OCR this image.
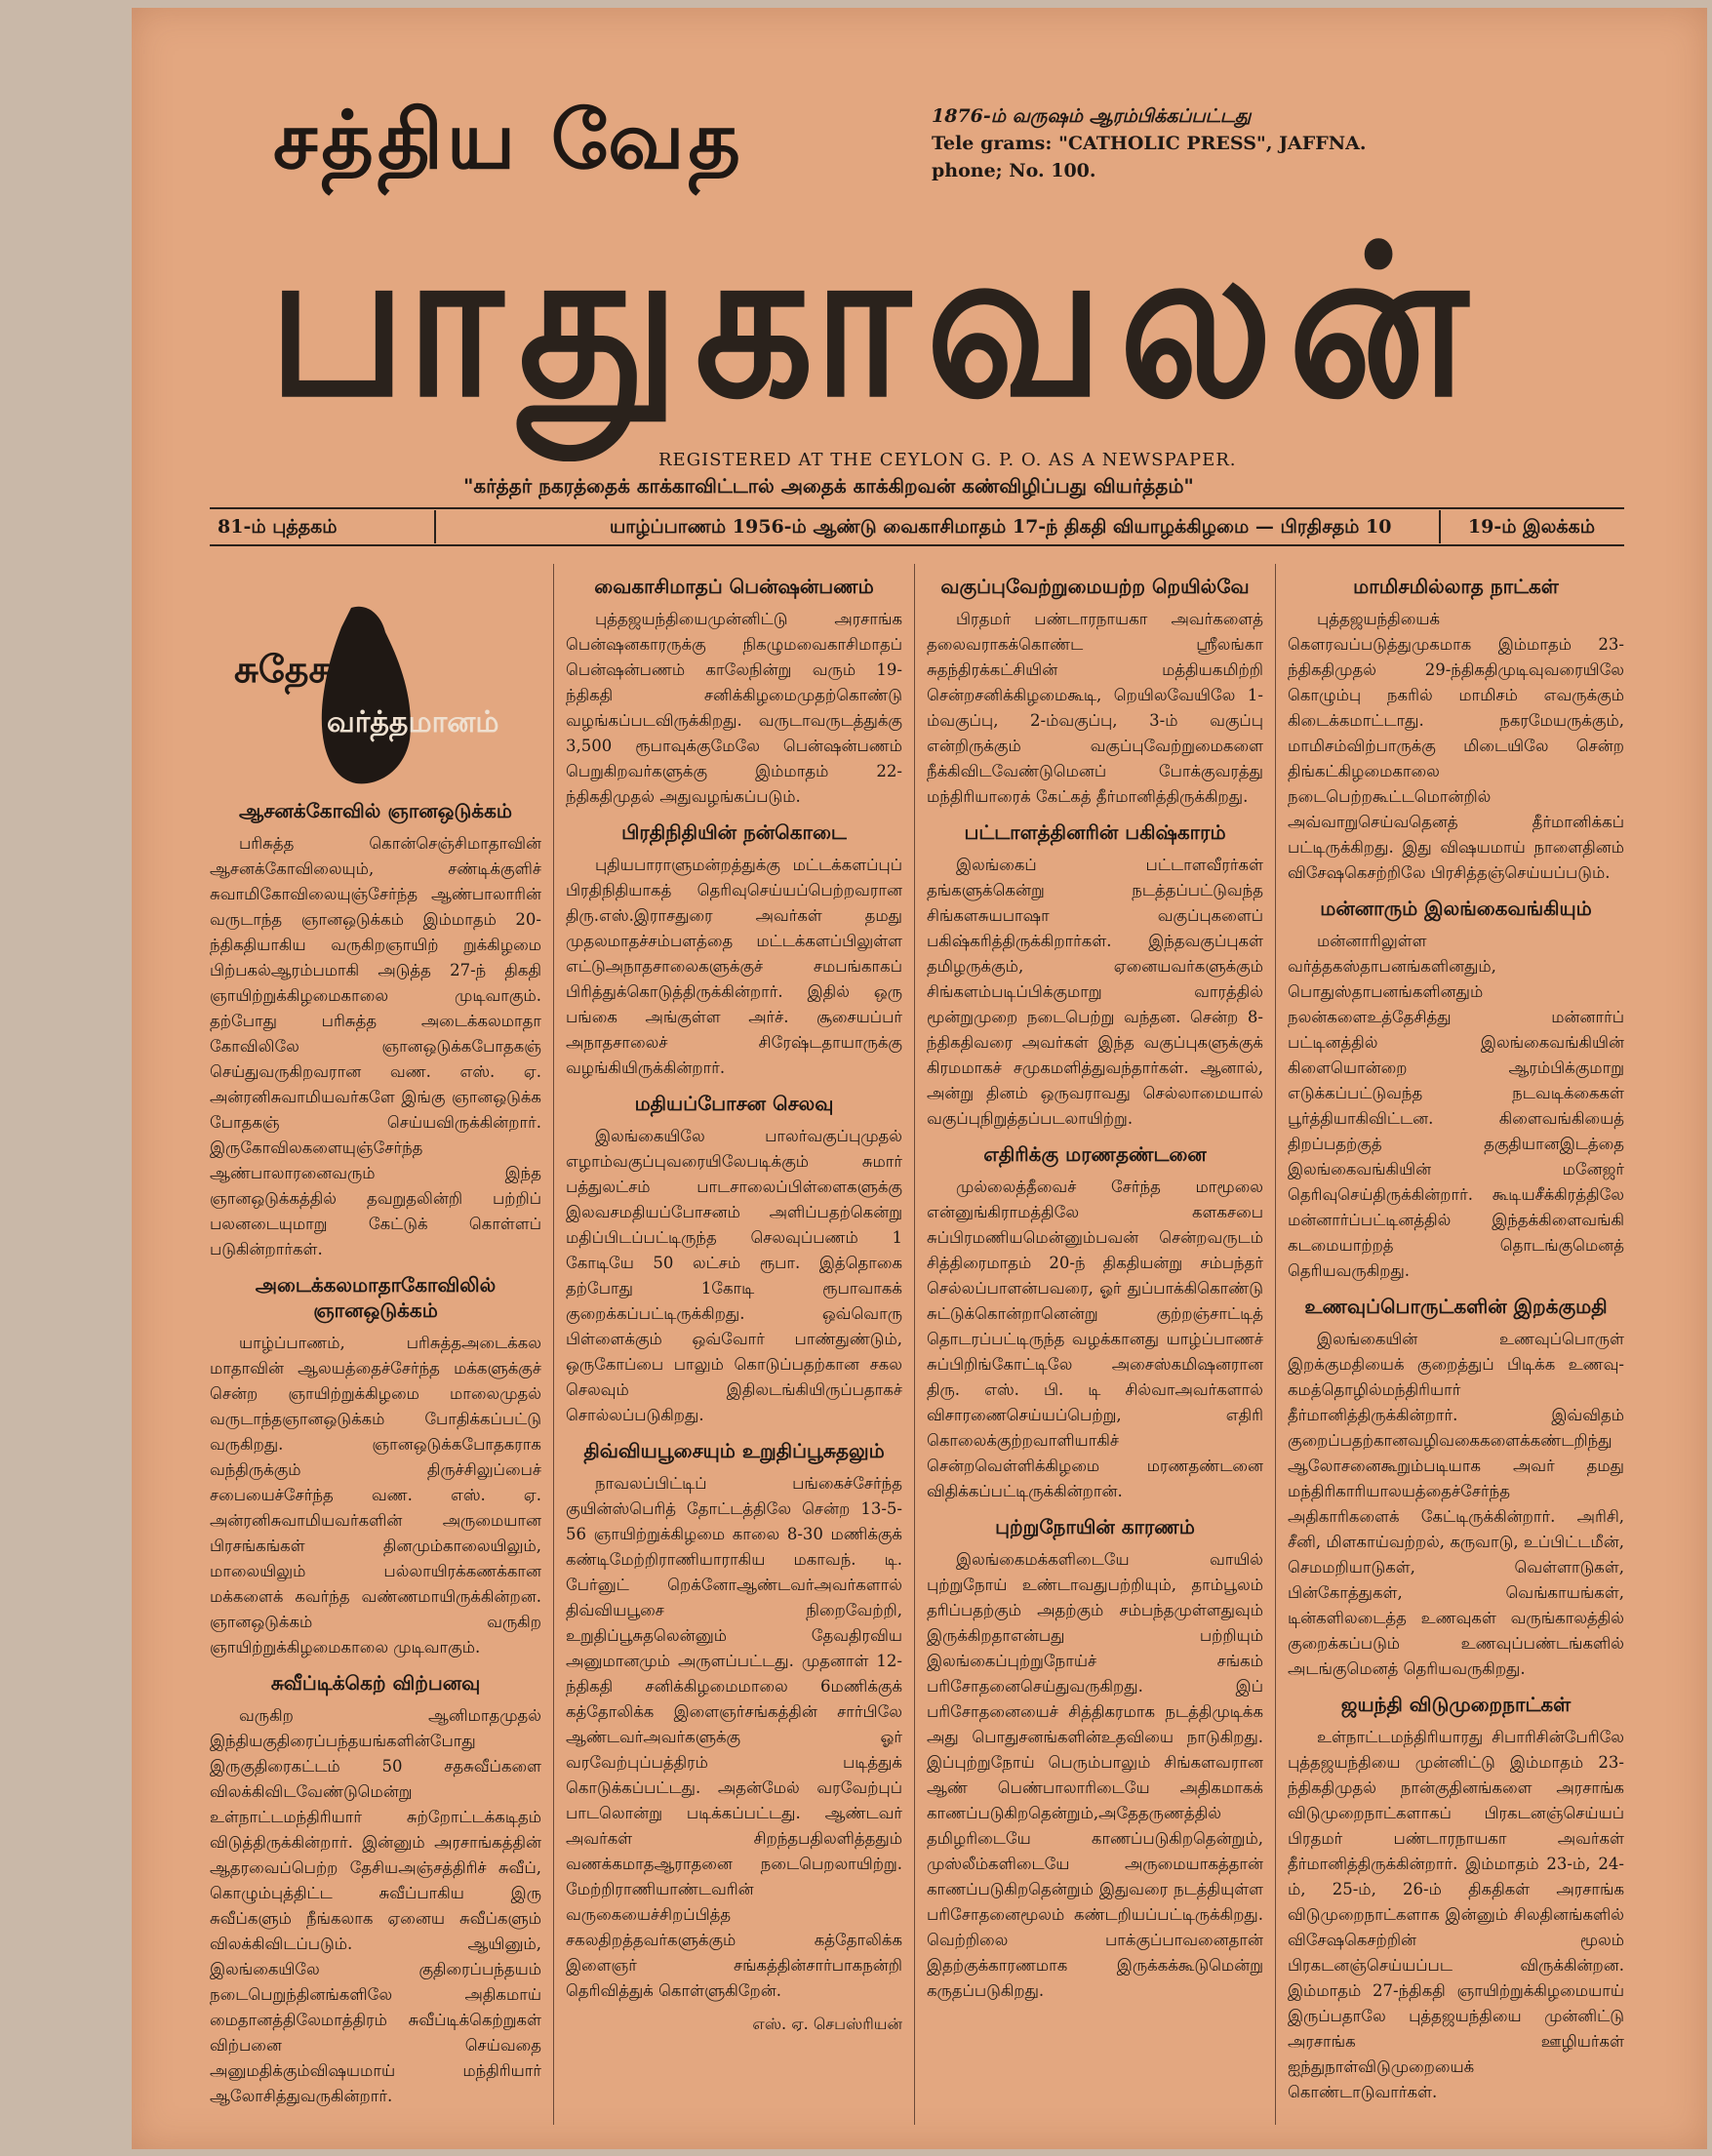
சத்திய வேத
பாதுகாவலன்
1876-ம் வருஷம் ஆரம்பிக்கப்பட்டது
Tele grams: "CATHOLIC PRESS", JAFFNA.
phone; No. 100.
REGISTERED AT THE CEYLON G. P. O. AS A NEWSPAPER.
"கர்த்தர் நகரத்தைக் காக்காவிட்டால் அதைக் காக்கிறவன் கண்விழிப்பது வியர்த்தம்"
81-ம் புத்தகம்	யாழ்ப்பாணம் 1956-ம் ஆண்டு வைகாசிமாதம் 17-ந் திகதி வியாழக்கிழமை — பிரதிசதம் 10	19-ம் இலக்கம்
சுதேச
வர்த்தமானம்
ஆசனக்கோவில் ஞானஒடுக்கம்

பரிசுத்த கொன்செஞ்சிமாதாவின் ஆசனக்கோவிலையும், சண்டிக்குளிச் சுவாமிகோவிலையுஞ்சேர்ந்த ஆண்பாலாரின் வருடாந்த ஞானஒடுக்கம் இம்மாதம் 20-ந்திகதியாகிய வருகிறஞாயிற் றுக்கிழமை பிற்பகல்ஆரம்பமாகி அடுத்த 27-ந் திகதி ஞாயிற்றுக்கிழமைகாலை முடிவாகும். தற்போது பரிசுத்த அடைக்கலமாதா கோவிலிலே ஞானஒடுக்கபோதகஞ் செய்துவருகிறவரான வண. எஸ். ஏ. அன்ரனிசுவாமியவர்களே இங்கு ஞானஒடுக்க போதகஞ் செய்யவிருக்கின்றார். இருகோவிலகளையுஞ்சேர்ந்த ஆண்பாலாரனைவரும் இந்த ஞானஒடுக்கத்தில் தவறுதலின்றி பற்றிப் பலனடையுமாறு கேட்டுக் கொள்ளப் படுகின்றார்கள்.

அடைக்கலமாதாகோவிலில் ஞானஒடுக்கம்

யாழ்ப்பாணம், பரிசுத்தஅடைக்கல மாதாவின் ஆலயத்தைச்சேர்ந்த மக்களுக்குச் சென்ற ஞாயிற்றுக்கிழமை மாலைமுதல் வருடாந்தஞானஒடுக்கம் போதிக்கப்பட்டு வருகிறது. ஞானஒடுக்கபோதகராக வந்திருக்கும் திருச்சிலுப்பைச் சபையைச்சேர்ந்த வண. எஸ். ஏ. அன்ரனிசுவாமியவர்களின் அருமையான பிரசங்கங்கள் தினமும்காலையிலும், மாலையிலும் பல்லாயிரக்கணக்கான மக்களைக் கவர்ந்த வண்ணமாயிருக்கின்றன. ஞானஒடுக்கம் வருகிற ஞாயிற்றுக்கிழமைகாலை முடிவாகும்.

சுவீப்டிக்கெற் விற்பனவு

வருகிற ஆனிமாதமுதல் இந்தியகுதிரைப்பந்தயங்களின்போது இருகுதிரைகட்டம் 50 சதசுவீப்களை விலக்கிவிடவேண்டுமென்று உள்நாட்டமந்திரியார் சுற்றோட்டக்கடிதம் விடுத்திருக்கின்றார். இன்னும் அரசாங்கத்தின் ஆதரவைப்பெற்ற தேசியஅஞ்சத்திரிச் சுவீப், கொழும்புத்திட்ட சுவீப்பாகிய இரு சுவீப்களும் நீங்கலாக ஏனைய சுவீப்களும் விலக்கிவிடப்படும். ஆயினும், இலங்கையிலே குதிரைப்பந்தயம் நடைபெறுந்தினங்களிலே அதிகமாய் மைதானத்திலேமாத்திரம் சுவீப்டிக்கெற்றுகள் விற்பனை செய்வதை அனுமதிக்கும்விஷயமாய் மந்திரியார் ஆலோசித்துவருகின்றார்.

வைகாசிமாதப் பென்ஷன்பணம்

புத்தஜயந்தியைமுன்னிட்டு அரசாங்க பென்ஷனகாரருக்கு நிகழுமவைகாசிமாதப் பென்ஷன்பணம் காலேநின்று வரும் 19-ந்திகதி சனிக்கிழமைமுதற்கொண்டு வழங்கப்படவிருக்கிறது. வருடாவருடத்துக்கு 3,500 ரூபாவுக்குமேலே பென்ஷன்பணம் பெறுகிறவர்களுக்கு இம்மாதம் 22-ந்திகதிமுதல் அதுவழங்கப்படும்.

பிரதிநிதியின் நன்கொடை

புதியபாராளுமன்றத்துக்கு மட்டக்களப்புப் பிரதிநிதியாகத் தெரிவுசெய்யப்பெற்றவரான திரு.எஸ்.இராசதுரை அவர்கள் தமது முதலமாதச்சம்பளத்தை மட்டக்களப்பிலுள்ள எட்டுஅநாதசாலைகளுக்குச் சமபங்காகப் பிரித்துக்கொடுத்திருக்கின்றார். இதில் ஒரு பங்கை அங்குள்ள அர்ச். சூசையப்பர் அநாதசாலைச் சிரேஷ்டதாயாருக்கு வழங்கியிருக்கின்றார்.

மதியப்போசன செலவு

இலங்கையிலே பாலர்வகுப்புமுதல் எழாம்வகுப்புவரையிலேபடிக்கும் சுமார் பத்துலட்சம் பாடசாலைப்பிள்ளைகளுக்கு இலவசமதியப்போசனம் அளிப்பதற்கென்று மதிப்பிடப்பட்டிருந்த செலவுப்பணம் 1 கோடியே 50 லட்சம் ரூபா. இத்தொகை தற்போது 1கோடி ரூபாவாகக் குறைக்கப்பட்டிருக்கிறது. ஒவ்வொரு பிள்ளைக்கும் ஒவ்வோர் பாண்துண்டும், ஒருகோப்பை பாலும் கொடுப்பதற்கான சகல செலவும் இதிலடங்கியிருப்பதாகச் சொல்லப்படுகிறது.

திவ்வியபூசையும் உறுதிப்பூசுதலும்

நாவலப்பிட்டிப் பங்கைச்சேர்ந்த குயின்ஸ்பெரித் தோட்டத்திலே சென்ற 13-5-56 ஞாயிற்றுக்கிழமை காலை 8-30 மணிக்குக் கண்டிமேற்றிராணியாராகிய மகாவந். டி. பேர்னுட் றெக்னோஆண்டவர்அவர்களால் திவ்வியபூசை நிறைவேற்றி, உறுதிப்பூசுதலென்னும் தேவதிரவிய அனுமானமும் அருளப்பட்டது. முதனாள் 12-ந்திகதி சனிக்கிழமைமாலை 6மணிக்குக் கத்தோலிக்க இளைஞர்சங்கத்தின் சார்பிலே ஆண்டவர்அவர்களுக்கு ஓர் வரவேற்புப்பத்திரம் படித்துக் கொடுக்கப்பட்டது. அதன்மேல் வரவேற்புப் பாடலொன்று படிக்கப்பட்டது. ஆண்டவர் அவர்கள் சிறந்தபதிலளித்ததும் வணக்கமாதஆராதனை நடைபெறலாயிற்று. மேற்றிராணியாண்டவரின் வருகையைச்சிறப்பித்த சகலதிறத்தவர்களுக்கும் கத்தோலிக்க இளைஞர் சங்கத்தின்சார்பாகநன்றி தெரிவித்துக் கொள்ளுகிறேன்.

எஸ். ஏ. செபஸ்ரியன்
வகுப்புவேற்றுமையற்ற றெயில்வே

பிரதமர் பண்டாரநாயகா அவர்களைத் தலைவராகக்கொண்ட ஸ்ரீலங்கா சுதந்திரக்கட்சியின் மத்தியகமிற்றி சென்றசனிக்கிழமைகூடி, றெயிலவேயிலே 1-ம்வகுப்பு, 2-ம்வகுப்பு, 3-ம் வகுப்பு என்றிருக்கும் வகுப்புவேற்றுமைகளை நீக்கிவிடவேண்டுமெனப் போக்குவரத்து மந்திரியாரைக் கேட்கத் தீர்மானித்திருக்கிறது.

பட்டாளத்தினரின் பகிஷ்காரம்

இலங்கைப் பட்டாளவீரர்கள் தங்களுக்கென்று நடத்தப்பட்டுவந்த சிங்களசுயபாஷா வகுப்புகளைப் பகிஷ்கரித்திருக்கிறார்கள். இந்தவகுப்புகள் தமிழருக்கும், ஏனையவர்களுக்கும் சிங்களம்படிப்பிக்குமாறு வாரத்தில் மூன்றுமுறை நடைபெற்று வந்தன. சென்ற 8-ந்திகதிவரை அவர்கள் இந்த வகுப்புகளுக்குக் கிரமமாகச் சமுகமளித்துவந்தார்கள். ஆனால், அன்று தினம் ஒருவராவது செல்லாமையால் வகுப்புநிறுத்தப்படலாயிற்று.

எதிரிக்கு மரணதண்டனை

முல்லைத்தீவைச் சேர்ந்த மாமூலை என்னுங்கிராமத்திலே களகசபை சுப்பிரமணியமென்னும்பவன் சென்றவருடம் சித்திரைமாதம் 20-ந் திகதியன்று சம்பந்தர் செல்லப்பாளன்பவரை, ஓர் துப்பாக்கிகொண்டு சுட்டுக்கொன்றானென்று குற்றஞ்சாட்டித் தொடரப்பட்டிருந்த வழக்கானது யாழ்ப்பாணச் சுப்பிறிங்கோட்டிலே அசைஸ்கமிஷனரான திரு. எஸ். பி. டி சில்வாஅவர்களால் விசாரணைசெய்யப்பெற்று, எதிரி கொலைக்குற்றவாளியாகிச் சென்றவெள்ளிக்கிழமை மரணதண்டனை விதிக்கப்பட்டிருக்கின்றான்.

புற்றுநோயின் காரணம்

இலங்கைமக்களிடையே வாயில் புற்றுநோய் உண்டாவதுபற்றியும், தாம்பூலம் தரிப்பதற்கும் அதற்கும் சம்பந்தமுள்ளதுவும் இருக்கிறதாஎன்பது பற்றியும் இலங்கைப்புற்றுநோய்ச் சங்கம் பரிசோதனைசெய்துவருகிறது. இப் பரிசோதனையைச் சித்திகரமாக நடத்திமுடிக்க அது பொதுசனங்களின்உதவியை நாடுகிறது. இப்புற்றுநோய் பெரும்பாலும் சிங்களவரான ஆண் பெண்பாலாரிடையே அதிகமாகக் காணப்படுகிறதென்றும்,அதேதருணத்தில் தமிழரிடையே காணப்படுகிறதென்றும், முஸ்லீம்களிடையே அருமையாகத்தான் காணப்படுகிறதென்றும் இதுவரை நடத்தியுள்ள பரிசோதனைமூலம் கண்டறியப்பட்டிருக்கிறது. வெற்றிலை பாக்குப்பாவனைதான் இதற்குக்காரணமாக இருக்கக்கூடுமென்று கருதப்படுகிறது.

மாமிசமில்லாத நாட்கள்

புத்தஜயந்தியைக் கௌரவப்படுத்துமுகமாக இம்மாதம் 23-ந்திகதிமுதல் 29-ந்திகதிமுடிவுவரையிலே கொழும்பு நகரில் மாமிசம் எவருக்கும் கிடைக்கமாட்டாது. நகரமேயருக்கும், மாமிசம்விற்பாருக்கு மிடையிலே சென்ற திங்கட்கிழமைகாலை நடைபெற்றகூட்டமொன்றில் அவ்வாறுசெய்வதெனத் தீர்மானிக்கப் பட்டிருக்கிறது. இது விஷயமாய் நாளைதினம் விசேஷகெசற்றிலே பிரசித்தஞ்செய்யப்படும்.

மன்னாரும் இலங்கைவங்கியும்

மன்னாரிலுள்ள வர்த்தகஸ்தாபனங்களினதும், பொதுஸ்தாபனங்களினதும் நலன்களைஉத்தேசித்து மன்னார்ப் பட்டினத்தில் இலங்கைவங்கியின் கிளையொன்றை ஆரம்பிக்குமாறு எடுக்கப்பட்டுவந்த நடவடிக்கைகள் பூர்த்தியாகிவிட்டன. கிளைவங்கியைத் திறப்பதற்குத் தகுதியானஇடத்தை இலங்கைவங்கியின் மனேஜர் தெரிவுசெய்திருக்கின்றார். கூடியசீக்கிரத்திலே மன்னார்ப்பட்டினத்தில் இந்தக்கிளைவங்கி கடமையாற்றத் தொடங்குமெனத் தெரியவருகிறது.

உணவுப்பொருட்களின் இறக்குமதி

இலங்கையின் உணவுப்பொருள் இறக்குமதியைக் குறைத்துப் பிடிக்க உணவு-கமத்தொழில்மந்திரியார் தீர்மானித்திருக்கின்றார். இவ்விதம் குறைப்பதற்கானவழிவகைகளைக்கண்டறிந்து ஆலோசனைகூறும்படியாக அவர் தமது மந்திரிகாரியாலயத்தைச்சேர்ந்த அதிகாரிகளைக் கேட்டிருக்கின்றார். அரிசி, சீனி, மிளகாய்வற்றல், கருவாடு, உப்பிட்டமீன், செமமறியாடுகள், வெள்ளாடுகள், பின்கோத்துகள், வெங்காயங்கள், டின்களிலடைத்த உணவுகள் வருங்காலத்தில் குறைக்கப்படும் உணவுப்பண்டங்களில் அடங்குமெனத் தெரியவருகிறது.

ஜயந்தி விடுமுறைநாட்கள்

உள்நாட்டமந்திரியாரது சிபாரிசின்பேரிலே புத்தஜயந்தியை முன்னிட்டு இம்மாதம் 23-ந்திகதிமுதல் நான்குதினங்களை அரசாங்க விடுமுறைநாட்களாகப் பிரகடனஞ்செய்யப் பிரதமர் பண்டாரநாயகா அவர்கள் தீர்மானித்திருக்கின்றார். இம்மாதம் 23-ம், 24-ம், 25-ம், 26-ம் திகதிகள் அரசாங்க விடுமுறைநாட்களாக இன்னும் சிலதினங்களில் விசேஷகெசற்றின் மூலம் பிரகடனஞ்செய்யப்பட விருக்கின்றன. இம்மாதம் 27-ந்திகதி ஞாயிற்றுக்கிழமையாய் இருப்பதாலே புத்தஜயந்தியை முன்னிட்டு அரசாங்க ஊழியர்கள் ஐந்துநாள்விடுமுறையைக் கொண்டாடுவார்கள்.
